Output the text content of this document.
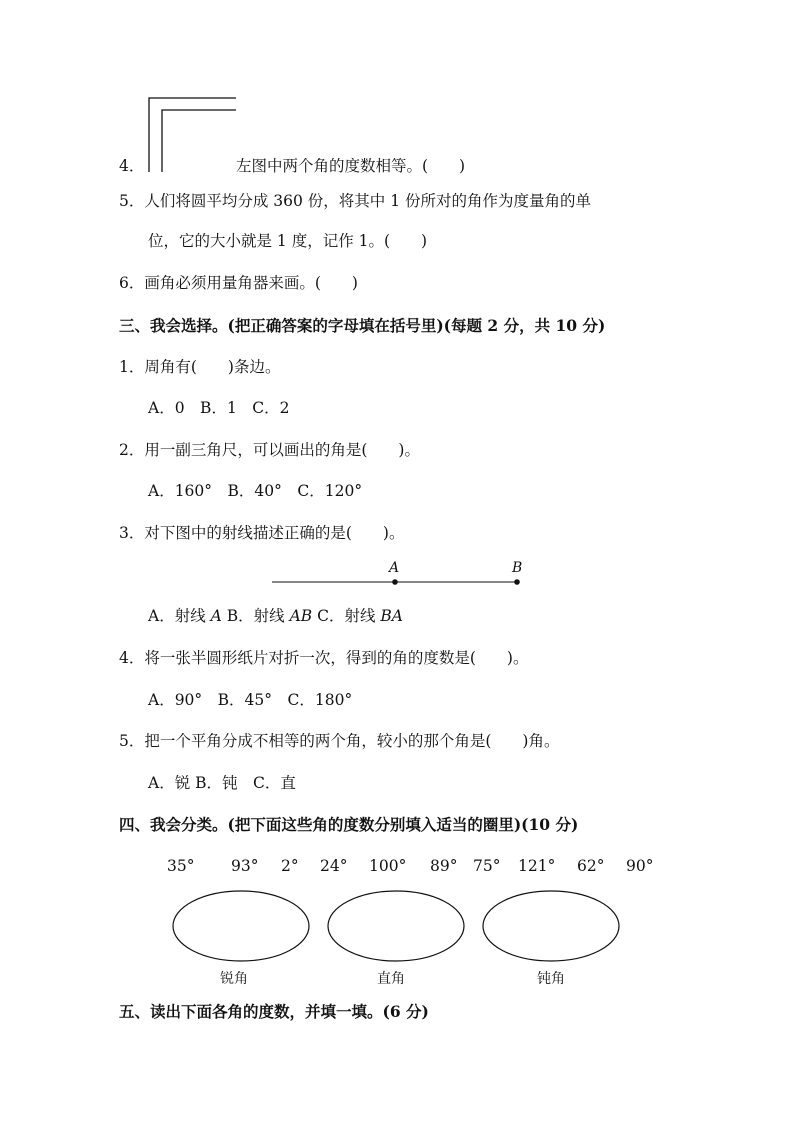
4．	左图中两个角的度数相等。(　　)
5．人们将圆平均分成 360 份，将其中 1 份所对的角作为度量角的单
位，它的大小就是 1 度，记作 1。(　　)
6．画角必须用量角器来画。(　　)
三、我会选择。(把正确答案的字母填在括号里)(每题 2 分，共 10 分)
1．周角有(　　)条边。
A．0　B．1　C．2
2．用一副三角尺，可以画出的角是(　　)。
A．160°　B．40°　C．120°
3．对下图中的射线描述正确的是(　　)。
A	B
A．射线 A B．射线 AB C．射线 BA
4．将一张半圆形纸片对折一次，得到的角的度数是(　　)。
A．90°　B．45°　C．180°
5．把一个平角分成不相等的两个角，较小的那个角是(　　)角。
A．锐 B．钝　C．直
四、我会分类。(把下面这些角的度数分别填入适当的圈里)(10 分)
35° 93° 2° 24° 100° 89° 75° 121° 62° 90°
锐角	直角	钝角
五、读出下面各角的度数，并填一填。(6 分)
